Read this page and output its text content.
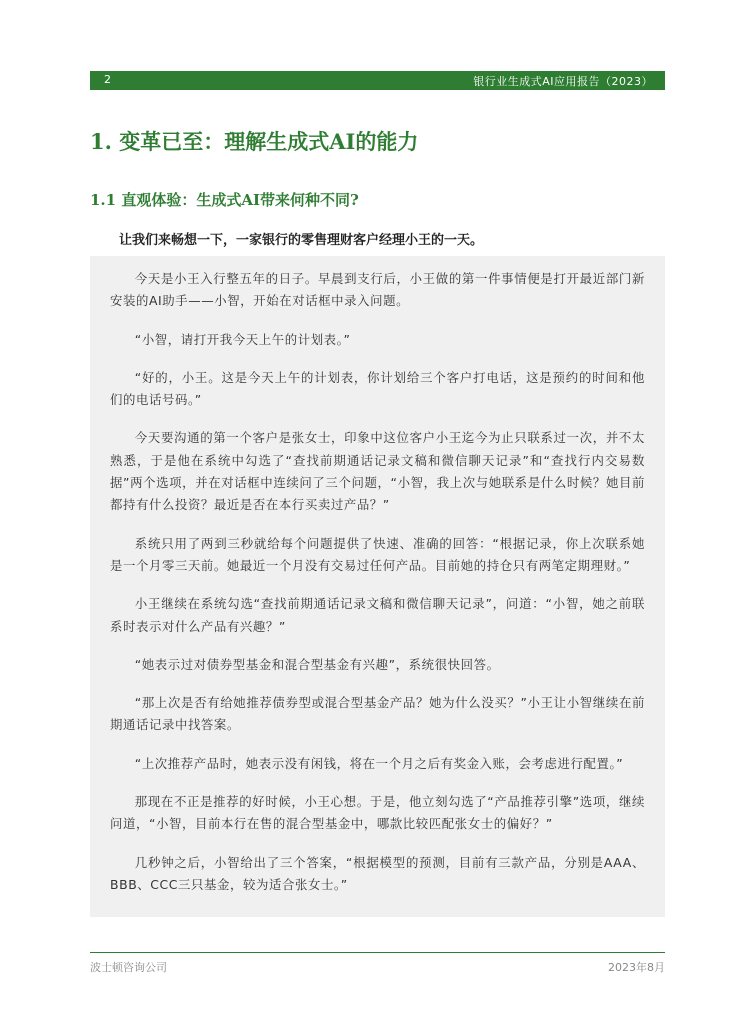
2	银行业生成式AI应用报告（2023）
1. 变革已至：理解生成式AI的能力
1.1 直观体验：生成式AI带来何种不同?

让我们来畅想一下，一家银行的零售理财客户经理小王的一天。

今天是小王入行整五年的日子。早晨到支行后，小王做的第一件事情便是打开最近部门新安装的AI助手——小智，开始在对话框中录入问题。

“小智，请打开我今天上午的计划表。”

“好的，小王。这是今天上午的计划表，你计划给三个客户打电话，这是预约的时间和他们的电话号码。”

今天要沟通的第一个客户是张女士，印象中这位客户小王迄今为止只联系过一次，并不太熟悉，于是他在系统中勾选了“查找前期通话记录文稿和微信聊天记录”和“查找行内交易数据”两个选项，并在对话框中连续问了三个问题，“小智，我上次与她联系是什么时候？她目前都持有什么投资？最近是否在本行买卖过产品？”

系统只用了两到三秒就给每个问题提供了快速、准确的回答：“根据记录，你上次联系她是一个月零三天前。她最近一个月没有交易过任何产品。目前她的持仓只有两笔定期理财。”

小王继续在系统勾选“查找前期通话记录文稿和微信聊天记录”，问道：“小智，她之前联系时表示对什么产品有兴趣？”

“她表示过对债券型基金和混合型基金有兴趣”，系统很快回答。

“那上次是否有给她推荐债券型或混合型基金产品？她为什么没买？”小王让小智继续在前期通话记录中找答案。

“上次推荐产品时，她表示没有闲钱，将在一个月之后有奖金入账，会考虑进行配置。”

那现在不正是推荐的好时候，小王心想。于是，他立刻勾选了“产品推荐引擎”选项，继续问道，“小智，目前本行在售的混合型基金中，哪款比较匹配张女士的偏好？”

几秒钟之后，小智给出了三个答案，“根据模型的预测，目前有三款产品，分别是AAA、BBB、CCC三只基金，较为适合张女士。”

波士顿咨询公司	2023年8月
